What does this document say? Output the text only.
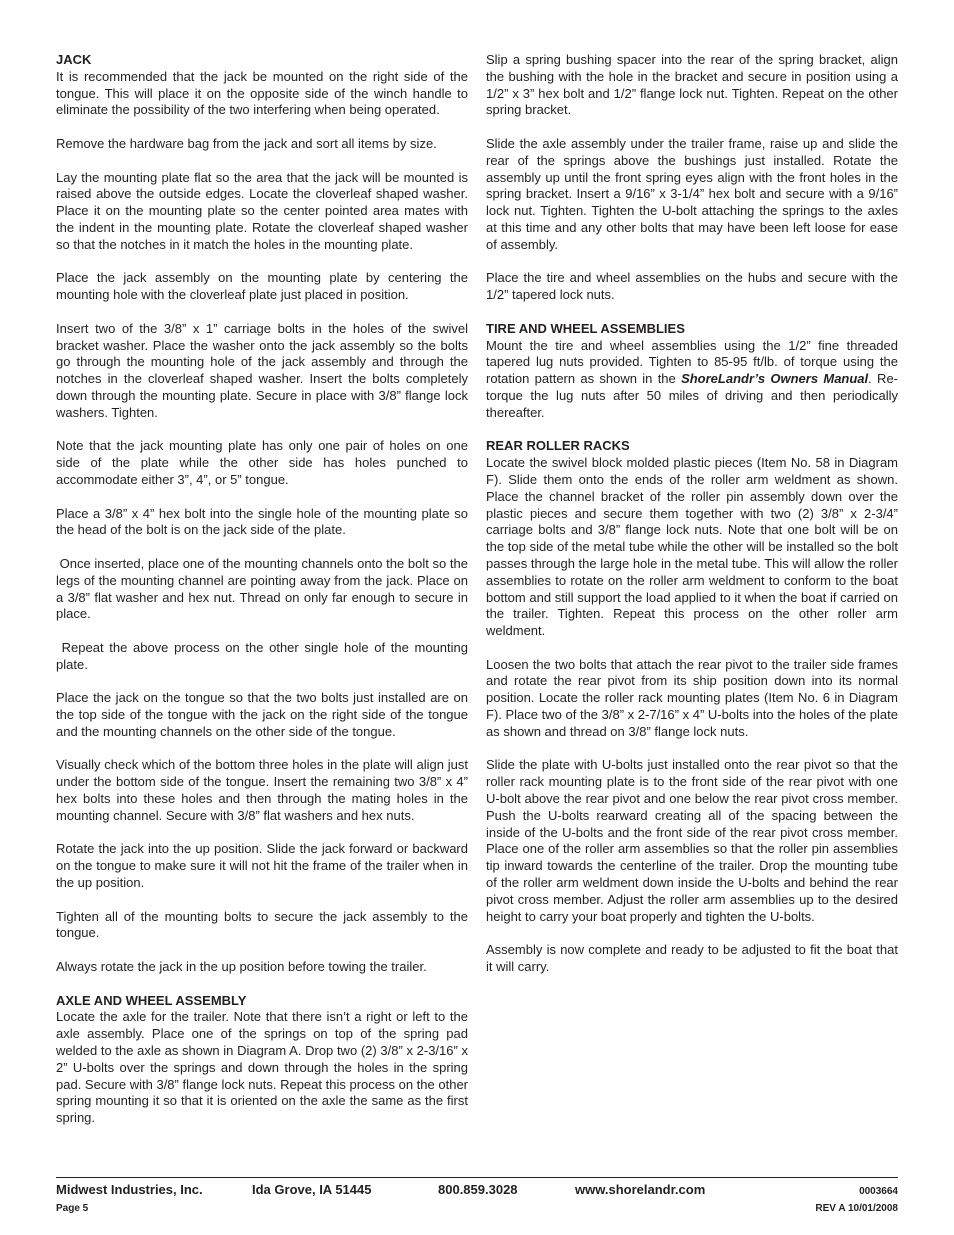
JACK

It is recommended that the jack be mounted on the right side of the tongue. This will place it on the opposite side of the winch handle to eliminate the possibility of the two interfering when being operated.

Remove the hardware bag from the jack and sort all items by size.

Lay the mounting plate flat so the area that the jack will be mounted is raised above the outside edges. Locate the cloverleaf shaped washer. Place it on the mounting plate so the center pointed area mates with the indent in the mounting plate. Rotate the cloverleaf shaped washer so that the notches in it match the holes in the mounting plate.

Place the jack assembly on the mounting plate by centering the mounting hole with the cloverleaf plate just placed in position.

Insert two of the 3/8” x 1” carriage bolts in the holes of the swivel bracket washer. Place the washer onto the jack assembly so the bolts go through the mounting hole of the jack assembly and through the notches in the cloverleaf shaped washer. Insert the bolts completely down through the mounting plate. Secure in place with 3/8” flange lock washers. Tighten.

Note that the jack mounting plate has only one pair of holes on one side of the plate while the other side has holes punched to accommodate either 3”, 4”, or 5” tongue.

Place a 3/8” x 4” hex bolt into the single hole of the mounting plate so the head of the bolt is on the jack side of the plate.

Once inserted, place one of the mounting channels onto the bolt so the legs of the mounting channel are pointing away from the jack. Place on a 3/8” flat washer and hex nut. Thread on only far enough to secure in place.

Repeat the above process on the other single hole of the mounting plate.

Place the jack on the tongue so that the two bolts just installed are on the top side of the tongue with the jack on the right side of the tongue and the mounting channels on the other side of the tongue.

Visually check which of the bottom three holes in the plate will align just under the bottom side of the tongue. Insert the remaining two 3/8” x 4” hex bolts into these holes and then through the mating holes in the mounting channel. Secure with 3/8” flat washers and hex nuts.

Rotate the jack into the up position. Slide the jack forward or backward on the tongue to make sure it will not hit the frame of the trailer when in the up position.

Tighten all of the mounting bolts to secure the jack assembly to the tongue.

Always rotate the jack in the up position before towing the trailer.

AXLE AND WHEEL ASSEMBLY

Locate the axle for the trailer. Note that there isn’t a right or left to the axle assembly. Place one of the springs on top of the spring pad welded to the axle as shown in Diagram A. Drop two (2) 3/8” x 2-3/16” x 2” U-bolts over the springs and down through the holes in the spring pad. Secure with 3/8” flange lock nuts. Repeat this process on the other spring mounting it so that it is oriented on the axle the same as the first spring.

Slip a spring bushing spacer into the rear of the spring bracket, align the bushing with the hole in the bracket and secure in position using a 1/2” x 3” hex bolt and 1/2” flange lock nut. Tighten. Repeat on the other spring bracket.

Slide the axle assembly under the trailer frame, raise up and slide the rear of the springs above the bushings just installed. Rotate the assembly up until the front spring eyes align with the front holes in the spring bracket. Insert a 9/16” x 3-1/4” hex bolt and secure with a 9/16” lock nut. Tighten. Tighten the U-bolt attaching the springs to the axles at this time and any other bolts that may have been left loose for ease of assembly.

Place the tire and wheel assemblies on the hubs and secure with the 1/2” tapered lock nuts.

TIRE AND WHEEL ASSEMBLIES

Mount the tire and wheel assemblies using the 1/2” fine threaded tapered lug nuts provided. Tighten to 85-95 ft/lb. of torque using the rotation pattern as shown in the ShoreLandr’s Owners Manual. Re-torque the lug nuts after 50 miles of driving and then periodically thereafter.

REAR ROLLER RACKS

Locate the swivel block molded plastic pieces (Item No. 58 in Diagram F). Slide them onto the ends of the roller arm weldment as shown. Place the channel bracket of the roller pin assembly down over the plastic pieces and secure them together with two (2) 3/8” x 2-3/4” carriage bolts and 3/8” flange lock nuts. Note that one bolt will be on the top side of the metal tube while the other will be installed so the bolt passes through the large hole in the metal tube. This will allow the roller assemblies to rotate on the roller arm weldment to conform to the boat bottom and still support the load applied to it when the boat if carried on the trailer. Tighten. Repeat this process on the other roller arm weldment.

Loosen the two bolts that attach the rear pivot to the trailer side frames and rotate the rear pivot from its ship position down into its normal position. Locate the roller rack mounting plates (Item No. 6 in Diagram F). Place two of the 3/8” x 2-7/16” x 4” U-bolts into the holes of the plate as shown and thread on 3/8” flange lock nuts.

Slide the plate with U-bolts just installed onto the rear pivot so that the roller rack mounting plate is to the front side of the rear pivot with one U-bolt above the rear pivot and one below the rear pivot cross member. Push the U-bolts rearward creating all of the spacing between the inside of the U-bolts and the front side of the rear pivot cross member. Place one of the roller arm assemblies so that the roller pin assemblies tip inward towards the centerline of the trailer. Drop the mounting tube of the roller arm weldment down inside the U-bolts and behind the rear pivot cross member. Adjust the roller arm assemblies up to the desired height to carry your boat properly and tighten the U-bolts.

Assembly is now complete and ready to be adjusted to fit the boat that it will carry.

Midwest Industries, Inc.	Ida Grove, IA 51445	800.859.3028	www.shorelandr.com	0003664
Page 5	REV A 10/01/2008
